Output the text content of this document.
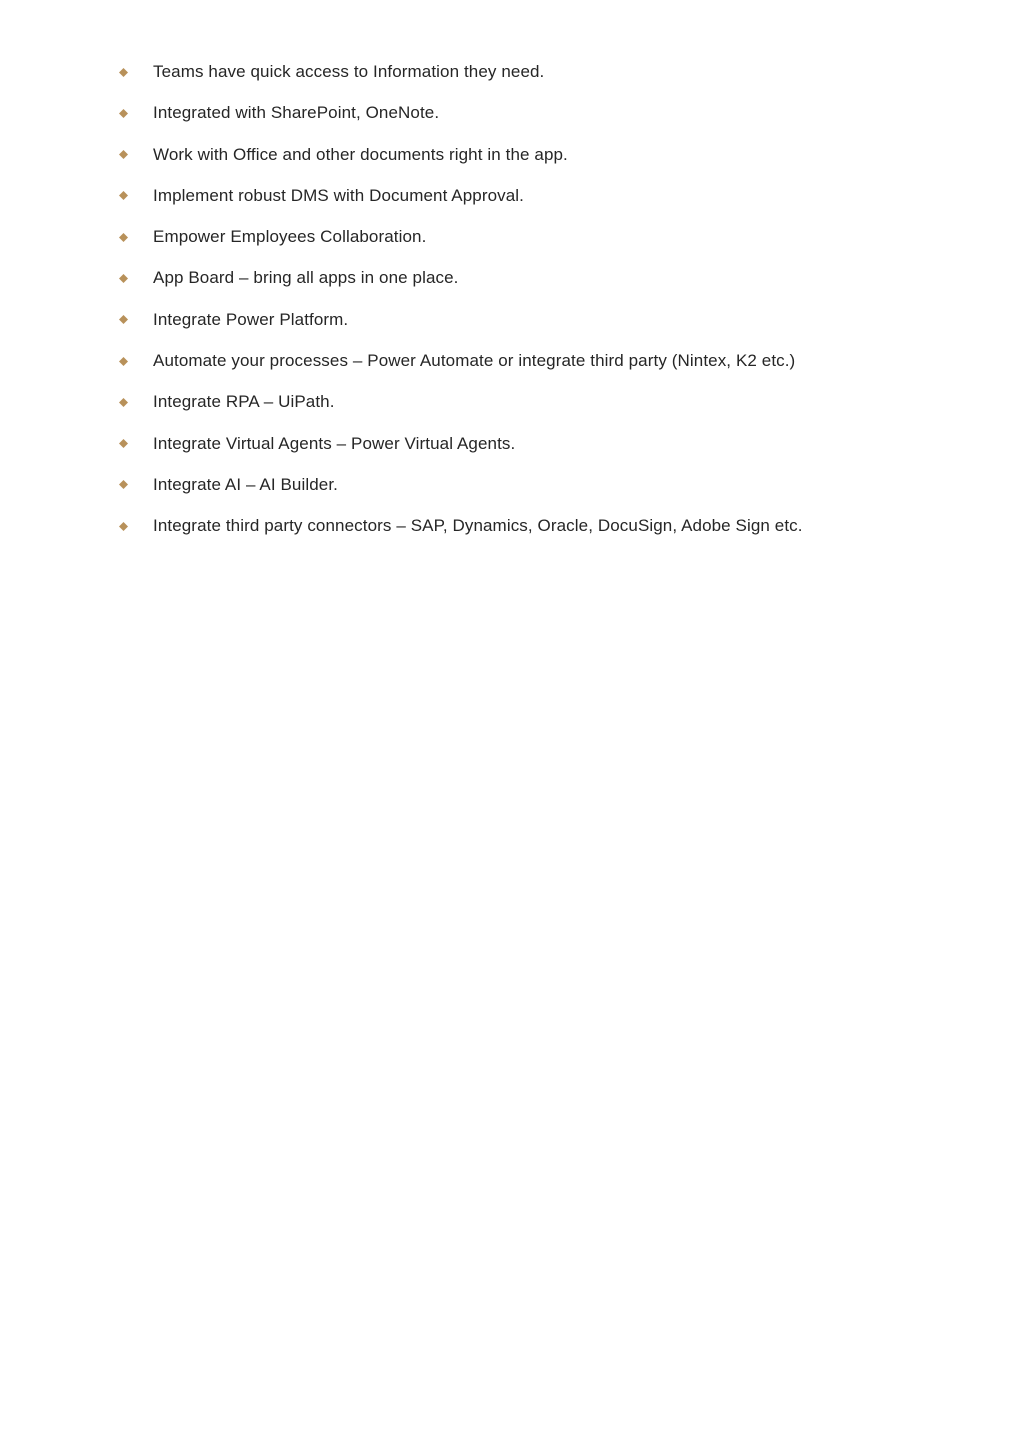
Teams have quick access to Information they need.
Integrated with SharePoint, OneNote.
Work with Office and other documents right in the app.
Implement robust DMS with Document Approval.
Empower Employees Collaboration.
App Board – bring all apps in one place.
Integrate Power Platform.
Automate your processes – Power Automate or integrate third party (Nintex, K2 etc.)
Integrate RPA – UiPath.
Integrate Virtual Agents – Power Virtual Agents.
Integrate AI – AI Builder.
Integrate third party connectors – SAP, Dynamics, Oracle, DocuSign, Adobe Sign etc.
